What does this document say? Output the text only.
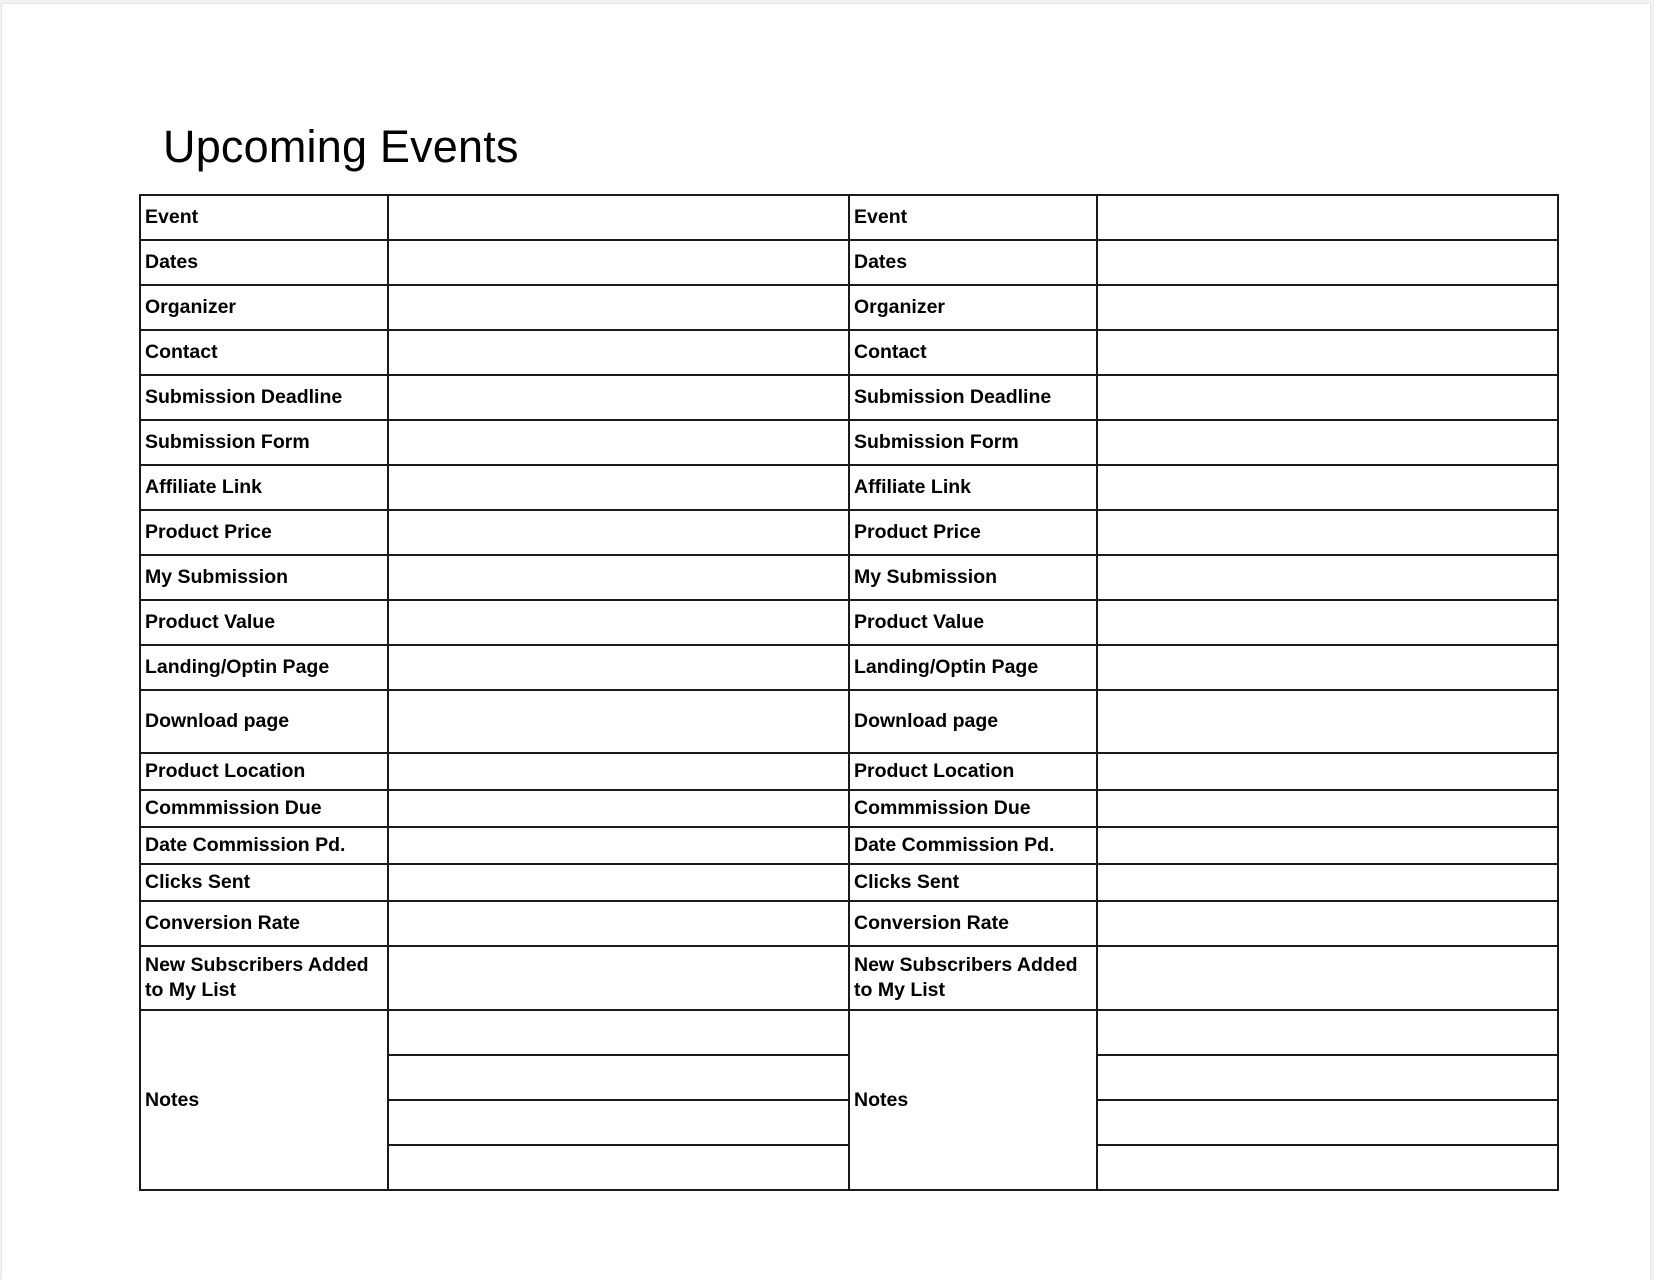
Upcoming Events
Event		Event	
Dates		Dates	
Organizer		Organizer	
Contact		Contact	
Submission Deadline		Submission Deadline	
Submission Form		Submission Form	
Affiliate Link		Affiliate Link	
Product Price		Product Price	
My Submission		My Submission	
Product Value		Product Value	
Landing/Optin Page		Landing/Optin Page	
Download page		Download page	
Product Location		Product Location	
Commmission Due		Commmission Due	
Date Commission Pd.		Date Commission Pd.	
Clicks Sent		Clicks Sent	
Conversion Rate		Conversion Rate	
New Subscribers Added to My List		New Subscribers Added to My List	
Notes		Notes	
